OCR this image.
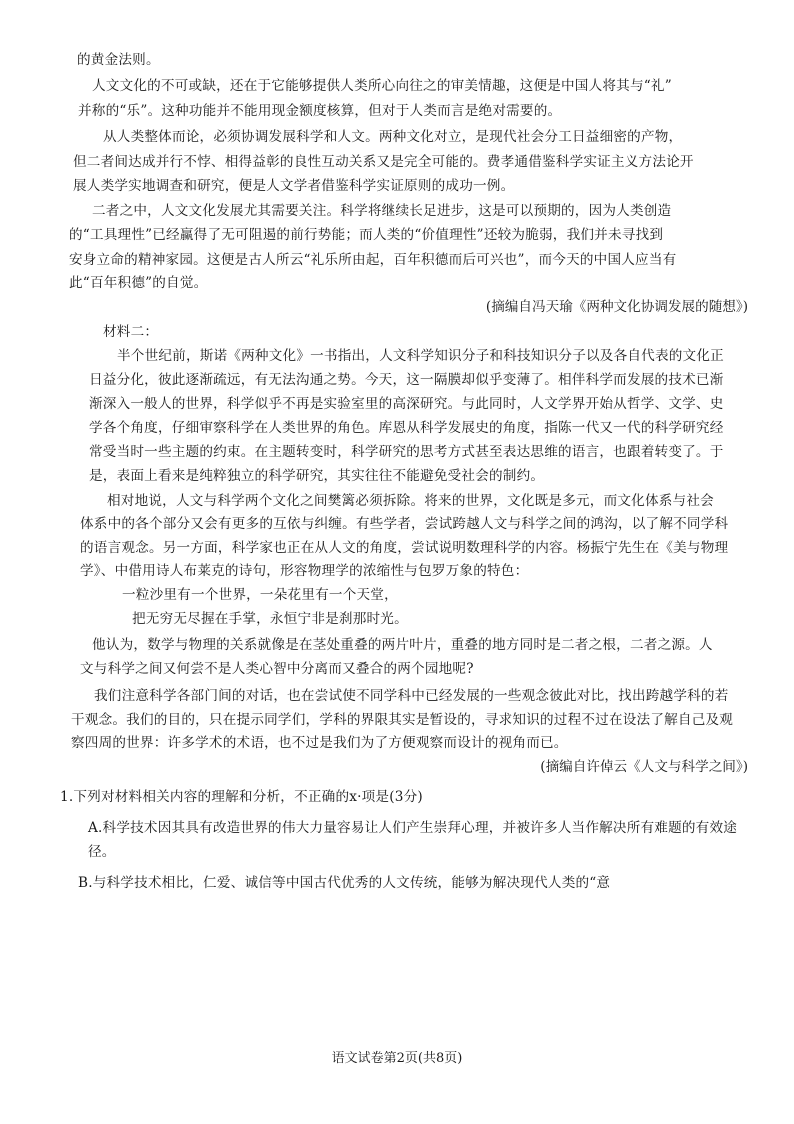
的黄金法则。
人文文化的不可或缺，还在于它能够提供人类所心向往之的审美情趣，这便是中国人将其与“礼”
并称的“乐”。这种功能并不能用现金额度核算，但对于人类而言是绝对需要的。
从人类整体而论，必须协调发展科学和人文。两种文化对立，是现代社会分工日益细密的产物，
但二者间达成并行不悖、相得益彰的良性互动关系又是完全可能的。费孝通借鉴科学实证主义方法论开
展人类学实地调查和研究，便是人文学者借鉴科学实证原则的成功一例。
二者之中，人文文化发展尤其需要关注。科学将继续长足进步，这是可以预期的，因为人类创造
的“工具理性”已经赢得了无可阻遏的前行势能；而人类的“价值理性”还较为脆弱，我们并未寻找到
安身立命的精神家园。这便是古人所云“礼乐所由起，百年积德而后可兴也”，而今天的中国人应当有
此“百年积德”的自觉。
(摘编自冯天瑜《两种文化协调发展的随想》)
材料二：
半个世纪前，斯诺《两种文化》一书指出，人文科学知识分子和科技知识分子以及各自代表的文化正
日益分化，彼此逐渐疏远，有无法沟通之势。今天，这一隔膜却似乎变薄了。相伴科学而发展的技术已渐
渐深入一般人的世界，科学似乎不再是实验室里的高深研究。与此同时，人文学界开始从哲学、文学、史
学各个角度，仔细审察科学在人类世界的角色。库恩从科学发展史的角度，指陈一代又一代的科学研究经
常受当时一些主题的约束。在主题转变时，科学研究的思考方式甚至表达思维的语言，也跟着转变了。于
是，表面上看来是纯粹独立的科学研究，其实往往不能避免受社会的制约。
相对地说，人文与科学两个文化之间樊篱必须拆除。将来的世界，文化既是多元，而文化体系与社会
体系中的各个部分又会有更多的互依与纠缠。有些学者，尝试跨越人文与科学之间的鸿沟，以了解不同学科
的语言观念。另一方面，科学家也正在从人文的角度，尝试说明数理科学的内容。杨振宁先生在《美与物理
学》、中借用诗人布莱克的诗句，形容物理学的浓缩性与包罗万象的特色：
一粒沙里有一个世界，一朵花里有一个天堂，
把无穷无尽握在手掌，永恒宁非是刹那时光。
他认为，数学与物理的关系就像是在茎处重叠的两片叶片，重叠的地方同时是二者之根，二者之源。人
文与科学之间又何尝不是人类心智中分离而又叠合的两个园地呢?
我们注意科学各部门间的对话，也在尝试使不同学科中已经发展的一些观念彼此对比，找出跨越学科的若
干观念。我们的目的，只在提示同学们，学科的界限其实是暂设的，寻求知识的过程不过在设法了解自己及观
察四周的世界：许多学术的术语，也不过是我们为了方便观察而设计的视角而已。
(摘编自许倬云《人文与科学之间》)
1.下列对材料相关内容的理解和分析，不正确的x·项是(3分)
A.科学技术因其具有改造世界的伟大力量容易让人们产生崇拜心理，并被许多人当作解决所有难题的有效途
径。
B.与科学技术相比，仁爱、诚信等中国古代优秀的人文传统，能够为解决现代人类的“意
语文试卷第2页(共8页)
